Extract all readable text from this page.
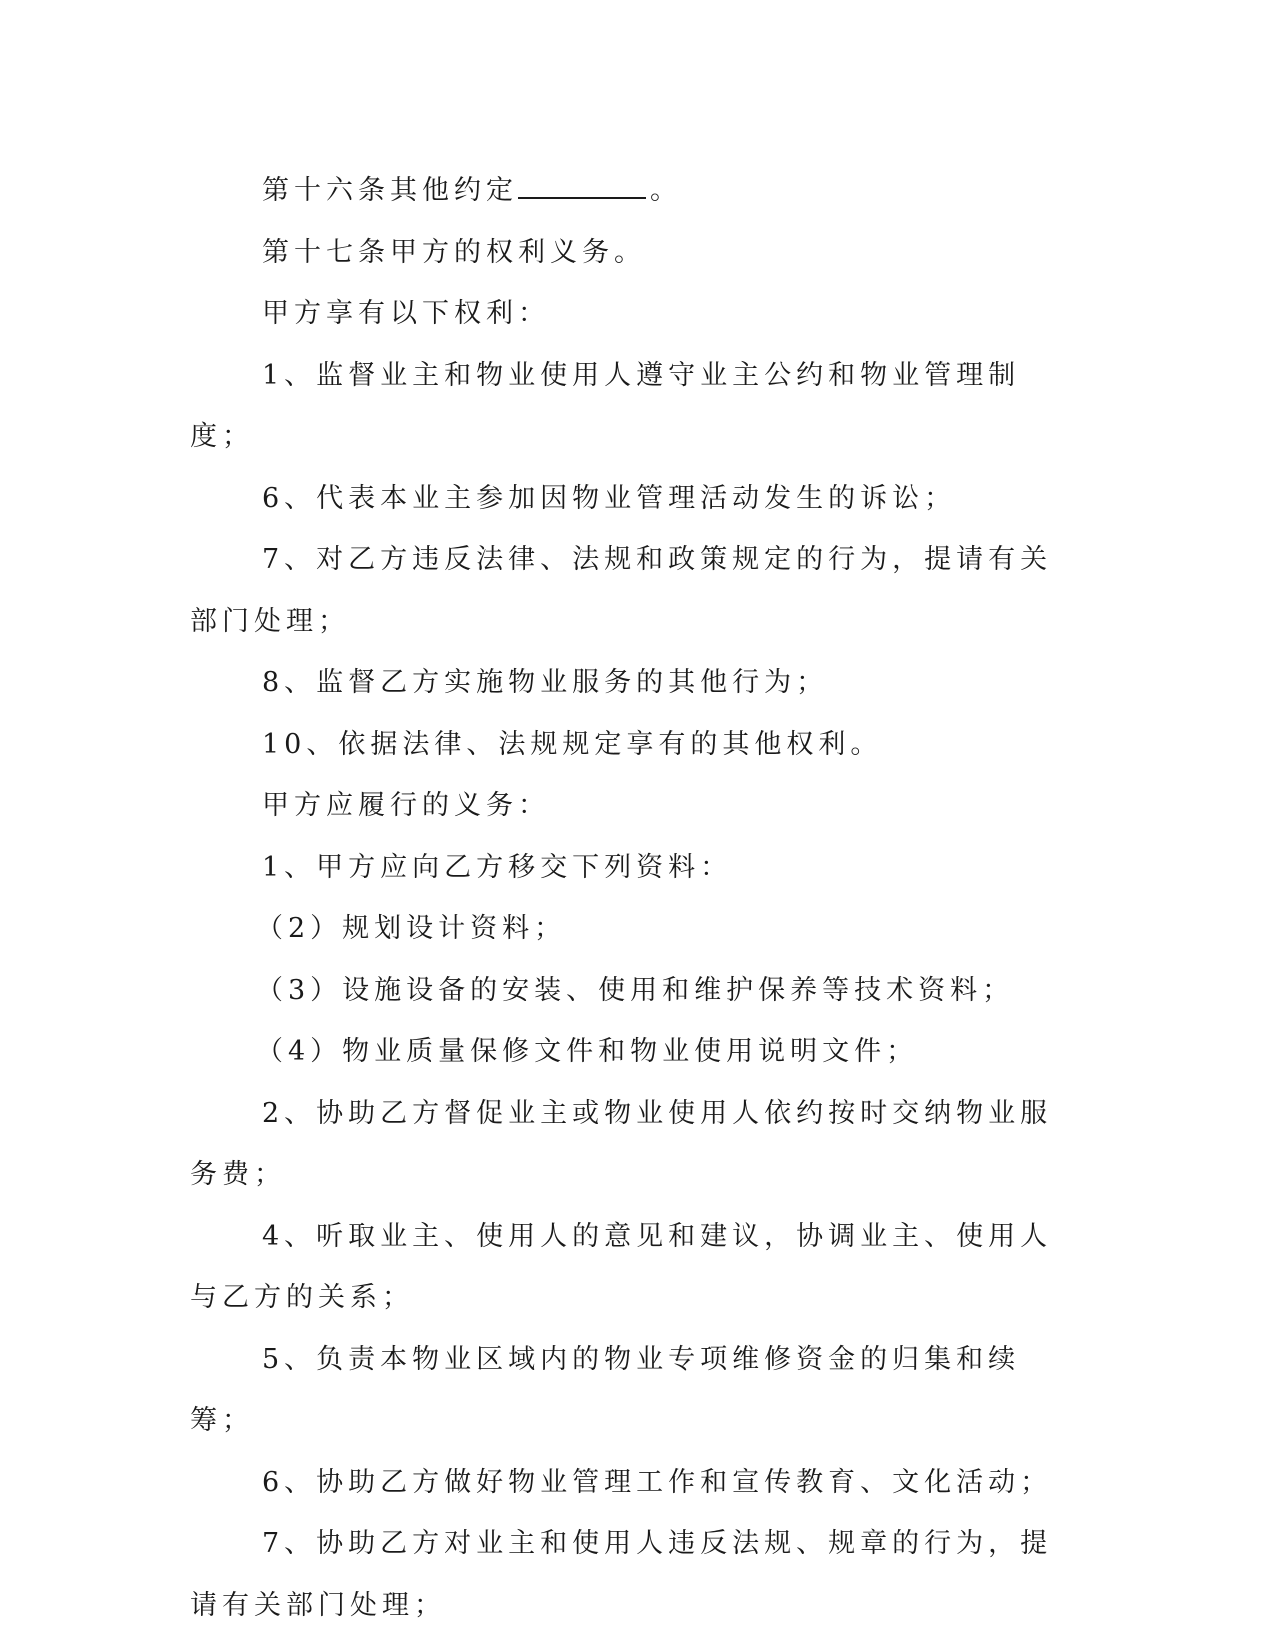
第十六条其他约定	。

第十七条甲方的权利义务。

甲方享有以下权利：

1、监督业主和物业使用人遵守业主公约和物业管理制度；

6、代表本业主参加因物业管理活动发生的诉讼；

7、对乙方违反法律、法规和政策规定的行为，提请有关部门处理；

8、监督乙方实施物业服务的其他行为；

10、依据法律、法规规定享有的其他权利。

甲方应履行的义务：

1、甲方应向乙方移交下列资料：

（2）规划设计资料；

（3）设施设备的安装、使用和维护保养等技术资料；

（4）物业质量保修文件和物业使用说明文件；

2、协助乙方督促业主或物业使用人依约按时交纳物业服务费；

4、听取业主、使用人的意见和建议，协调业主、使用人与乙方的关系；

5、负责本物业区域内的物业专项维修资金的归集和续筹；

6、协助乙方做好物业管理工作和宣传教育、文化活动；

7、协助乙方对业主和使用人违反法规、规章的行为，提请有关部门处理；
